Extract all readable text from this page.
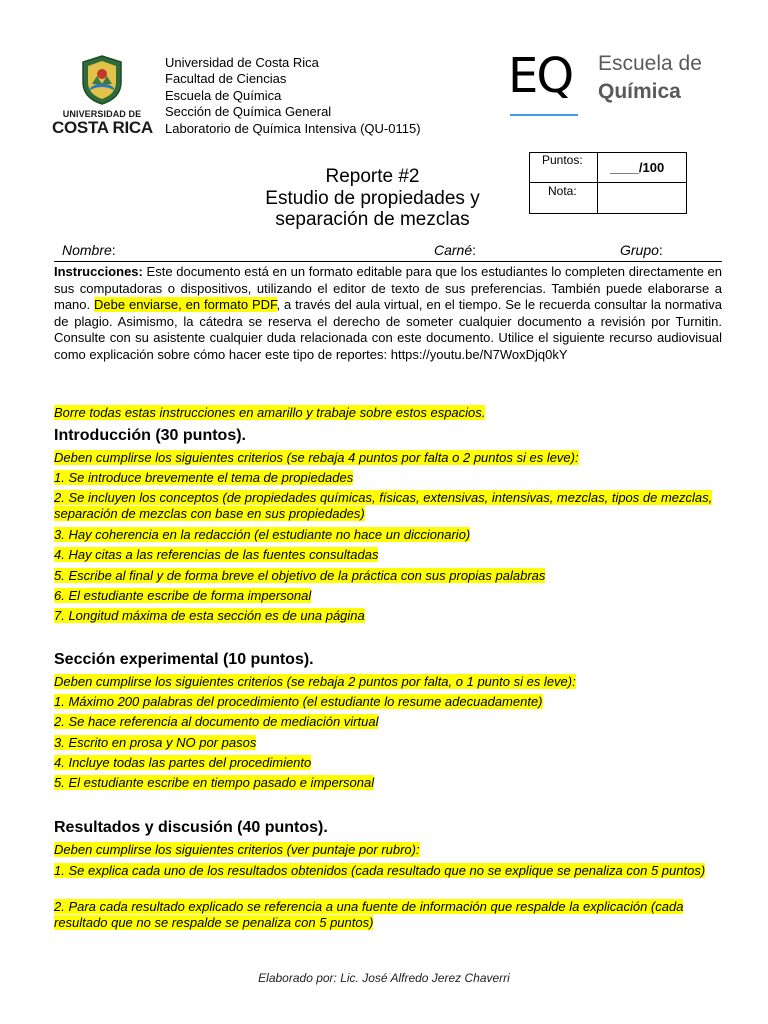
UNIVERSIDAD DE
COSTA RICA
Universidad de Costa Rica
Facultad de Ciencias
Escuela de Química
Sección de Química General
Laboratorio de Química Intensiva (QU-0115)
EQ Escuela de
Química
Reporte #2
Estudio de propiedades y
separación de mezclas
Puntos: ____/100
Nota:
Nombre:	Carné:	Grupo:
Instrucciones: Este documento está en un formato editable para que los estudiantes lo completen directamente en sus computadoras o dispositivos, utilizando el editor de texto de sus preferencias. También puede elaborarse a mano. Debe enviarse, en formato PDF, a través del aula virtual, en el tiempo. Se le recuerda consultar la normativa de plagio. Asimismo, la cátedra se reserva el derecho de someter cualquier documento a revisión por Turnitin. Consulte con su asistente cualquier duda relacionada con este documento. Utilice el siguiente recurso audiovisual como explicación sobre cómo hacer este tipo de reportes: https://youtu.be/N7WoxDjq0kY
Borre todas estas instrucciones en amarillo y trabaje sobre estos espacios.
Introducción (30 puntos).
Deben cumplirse los siguientes criterios (se rebaja 4 puntos por falta o 2 puntos si es leve):
1. Se introduce brevemente el tema de propiedades
2. Se incluyen los conceptos (de propiedades químicas, físicas, extensivas, intensivas, mezclas, tipos de mezclas, separación de mezclas con base en sus propiedades)
3. Hay coherencia en la redacción (el estudiante no hace un diccionario)
4. Hay citas a las referencias de las fuentes consultadas
5. Escribe al final y de forma breve el objetivo de la práctica con sus propias palabras
6. El estudiante escribe de forma impersonal
7. Longitud máxima de esta sección es de una página
Sección experimental (10 puntos).
Deben cumplirse los siguientes criterios (se rebaja 2 puntos por falta, o 1 punto si es leve):
1. Máximo 200 palabras del procedimiento (el estudiante lo resume adecuadamente)
2. Se hace referencia al documento de mediación virtual
3. Escrito en prosa y NO por pasos
4. Incluye todas las partes del procedimiento
5. El estudiante escribe en tiempo pasado e impersonal
Resultados y discusión (40 puntos).
Deben cumplirse los siguientes criterios (ver puntaje por rubro):
1. Se explica cada uno de los resultados obtenidos (cada resultado que no se explique se penaliza con 5 puntos)
2. Para cada resultado explicado se referencia a una fuente de información que respalde la explicación (cada resultado que no se respalde se penaliza con 5 puntos)
Elaborado por: Lic. José Alfredo Jerez Chaverri
